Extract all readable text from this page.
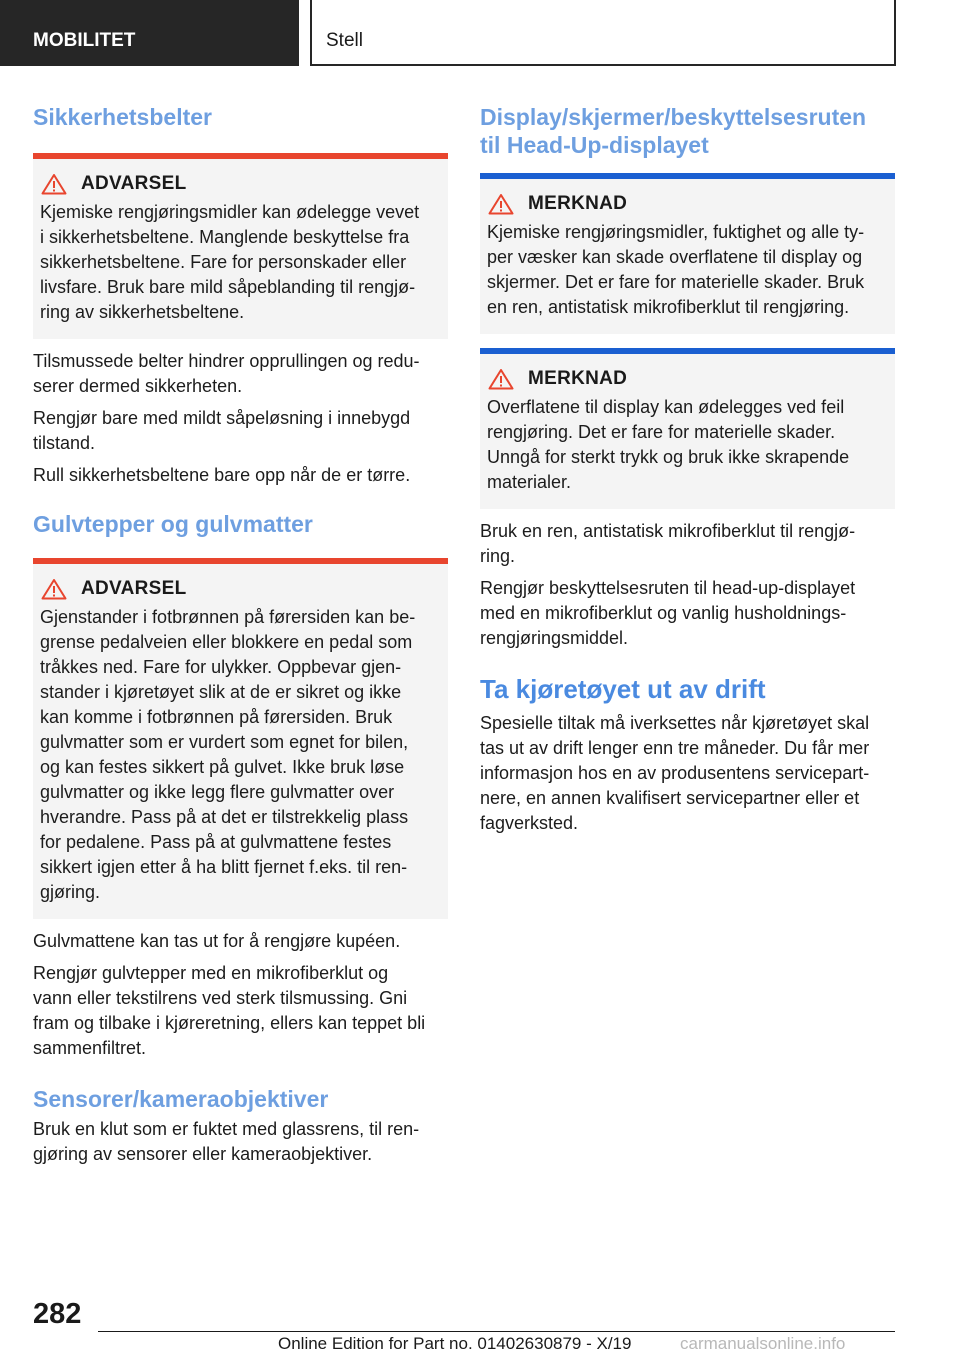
MOBILITET	Stell
Sikkerhetsbelter
ADVARSEL
Kjemiske rengjøringsmidler kan ødelegge vevet
i sikkerhetsbeltene. Manglende beskyttelse fra
sikkerhetsbeltene. Fare for personskader eller
livsfare. Bruk bare mild såpeblanding til rengjø-
ring av sikkerhetsbeltene.
Tilsmussede belter hindrer opprullingen og redu-
serer dermed sikkerheten.
Rengjør bare med mildt såpeløsning i innebygd
tilstand.
Rull sikkerhetsbeltene bare opp når de er tørre.
Gulvtepper og gulvmatter
ADVARSEL
Gjenstander i fotbrønnen på førersiden kan be-
grense pedalveien eller blokkere en pedal som
tråkkes ned. Fare for ulykker. Oppbevar gjen-
stander i kjøretøyet slik at de er sikret og ikke
kan komme i fotbrønnen på førersiden. Bruk
gulvmatter som er vurdert som egnet for bilen,
og kan festes sikkert på gulvet. Ikke bruk løse
gulvmatter og ikke legg flere gulvmatter over
hverandre. Pass på at det er tilstrekkelig plass
for pedalene. Pass på at gulvmattene festes
sikkert igjen etter å ha blitt fjernet f.eks. til ren-
gjøring.
Gulvmattene kan tas ut for å rengjøre kupéen.
Rengjør gulvtepper med en mikrofiberklut og
vann eller tekstilrens ved sterk tilsmussing. Gni
fram og tilbake i kjøreretning, ellers kan teppet bli
sammenfiltret.
Sensorer/kameraobjektiver
Bruk en klut som er fuktet med glassrens, til ren-
gjøring av sensorer eller kameraobjektiver.
Display/skjermer/beskyttelsesruten
til Head-Up-displayet
MERKNAD
Kjemiske rengjøringsmidler, fuktighet og alle ty-
per væsker kan skade overflatene til display og
skjermer. Det er fare for materielle skader. Bruk
en ren, antistatisk mikrofiberklut til rengjøring.
MERKNAD
Overflatene til display kan ødelegges ved feil
rengjøring. Det er fare for materielle skader.
Unngå for sterkt trykk og bruk ikke skrapende
materialer.
Bruk en ren, antistatisk mikrofiberklut til rengjø-
ring.
Rengjør beskyttelsesruten til head-up-displayet
med en mikrofiberklut og vanlig husholdnings-
rengjøringsmiddel.
Ta kjøretøyet ut av drift
Spesielle tiltak må iverksettes når kjøretøyet skal
tas ut av drift lenger enn tre måneder. Du får mer
informasjon hos en av produsentens servicepart-
nere, en annen kvalifisert servicepartner eller et
fagverksted.
282
Online Edition for Part no. 01402630879 - X/19	carmanualsonline.info
